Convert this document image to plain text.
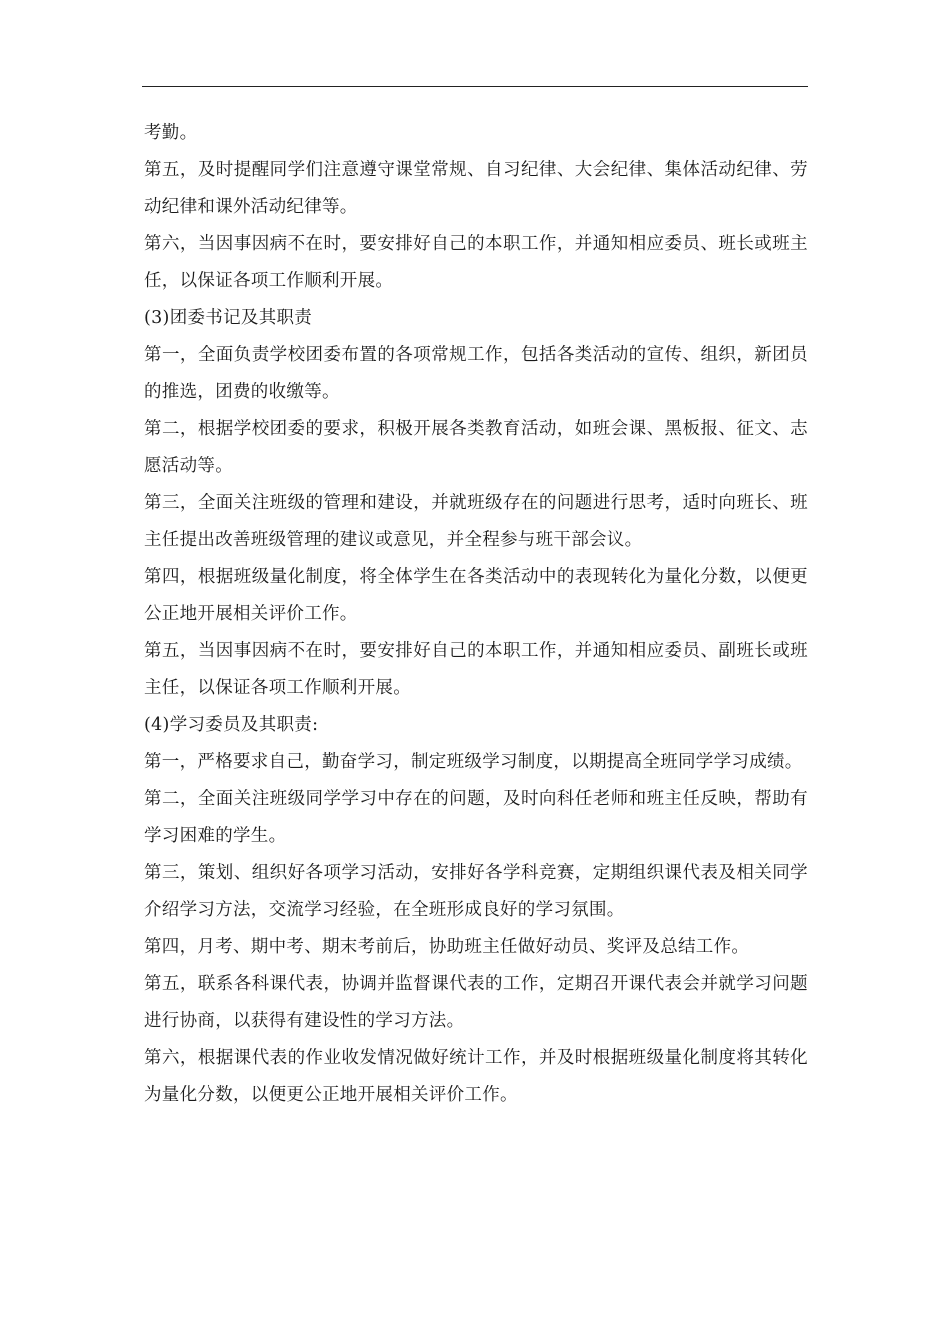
考勤。

第五，及时提醒同学们注意遵守课堂常规、自习纪律、大会纪律、集体活动纪律、劳动纪律和课外活动纪律等。

第六，当因事因病不在时，要安排好自己的本职工作，并通知相应委员、班长或班主任，以保证各项工作顺利开展。

(3)团委书记及其职责

第一，全面负责学校团委布置的各项常规工作，包括各类活动的宣传、组织，新团员的推选，团费的收缴等。

第二，根据学校团委的要求，积极开展各类教育活动，如班会课、黑板报、征文、志愿活动等。

第三，全面关注班级的管理和建设，并就班级存在的问题进行思考，适时向班长、班主任提出改善班级管理的建议或意见，并全程参与班干部会议。

第四，根据班级量化制度，将全体学生在各类活动中的表现转化为量化分数，以便更公正地开展相关评价工作。

第五，当因事因病不在时，要安排好自己的本职工作，并通知相应委员、副班长或班主任，以保证各项工作顺利开展。

(4)学习委员及其职责:

第一，严格要求自己，勤奋学习，制定班级学习制度，以期提高全班同学学习成绩。

第二，全面关注班级同学学习中存在的问题，及时向科任老师和班主任反映，帮助有学习困难的学生。

第三，策划、组织好各项学习活动，安排好各学科竞赛，定期组织课代表及相关同学介绍学习方法，交流学习经验，在全班形成良好的学习氛围。

第四，月考、期中考、期末考前后，协助班主任做好动员、奖评及总结工作。

第五，联系各科课代表，协调并监督课代表的工作，定期召开课代表会并就学习问题进行协商，以获得有建设性的学习方法。

第六，根据课代表的作业收发情况做好统计工作，并及时根据班级量化制度将其转化为量化分数，以便更公正地开展相关评价工作。
